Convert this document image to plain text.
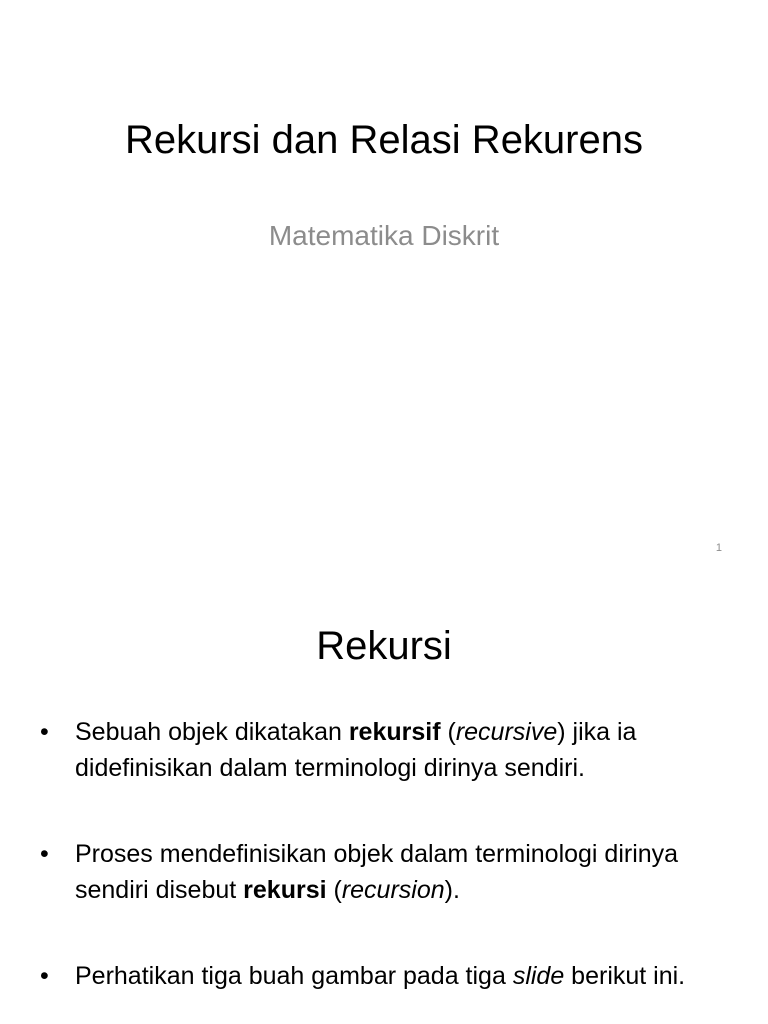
Rekursi dan Relasi Rekurens
Matematika Diskrit
1
Rekursi
• Sebuah objek dikatakan rekursif (recursive) jika ia didefinisikan dalam terminologi dirinya sendiri.
• Proses mendefinisikan objek dalam terminologi dirinya sendiri disebut rekursi (recursion).
• Perhatikan tiga buah gambar pada tiga slide berikut ini.
